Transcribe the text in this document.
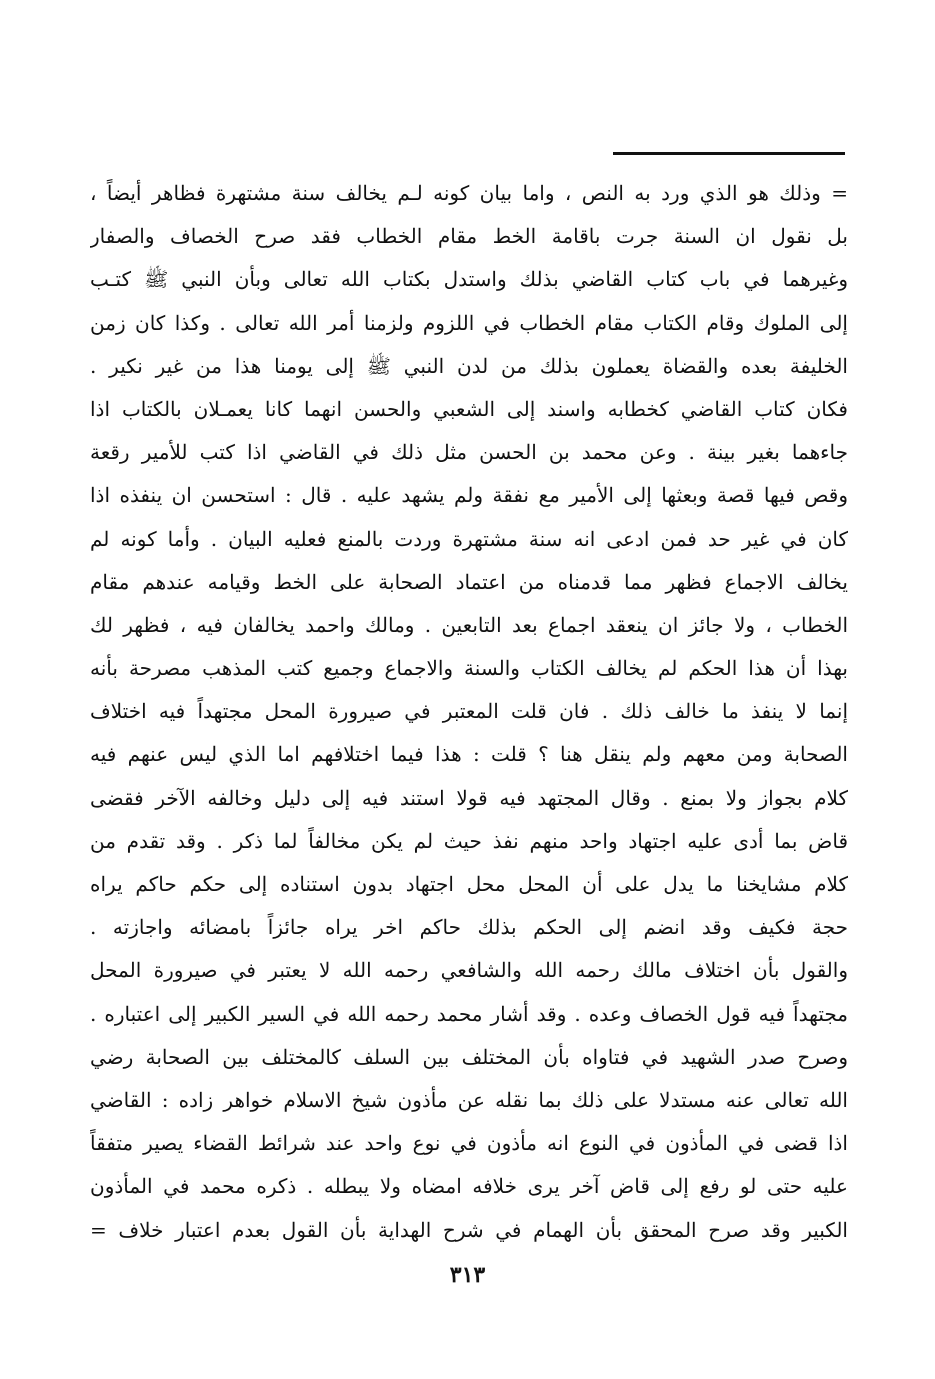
= وذلك هو الذي ورد به النص ، واما بيان كونه لـم يخالف سنة مشتهرة فظاهر أيضاً ،
بل نقول ان السنة جرت باقامة الخط مقام الخطاب فقد صرح الخصاف والصفار
وغيرهما في باب كتاب القاضي بذلك واستدل بكتاب الله تعالى وبأن النبي ﷺ كتـب
إلى الملوك وقام الكتاب مقام الخطاب في اللزوم ولزمنا أمر الله تعالى . وكذا كان زمن
الخليفة بعده والقضاة يعملون بذلك من لدن النبي ﷺ إلى يومنا هذا من غير نكير .
فكان كتاب القاضي كخطابه واسند إلى الشعبي والحسن انهما كانا يعمـلان بالكتاب اذا
جاءهما بغير بينة . وعن محمد بن الحسن مثل ذلك في القاضي اذا كتب للأمير رقعة
وقص فيها قصة وبعثها إلى الأمير مع نفقة ولم يشهد عليه . قال : استحسن ان ينفذه اذا
كان في غير حد فمن ادعى انه سنة مشتهرة وردت بالمنع فعليه البيان . وأما كونه لم
يخالف الاجماع فظهر مما قدمناه من اعتماد الصحابة على الخط وقيامه عندهم مقام
الخطاب ، ولا جائز ان ينعقد اجماع بعد التابعين . ومالك واحمد يخالفان فيه ، فظهر لك
بهذا أن هذا الحكم لم يخالف الكتاب والسنة والاجماع وجميع كتب المذهب مصرحة بأنه
إنما لا ينفذ ما خالف ذلك . فان قلت المعتبر في صيرورة المحل مجتهداً فيه اختلاف
الصحابة ومن معهم ولم ينقل هنا ؟ قلت : هذا فيما اختلافهم اما الذي ليس عنهم فيه
كلام بجواز ولا بمنع . وقال المجتهد فيه قولا استند فيه إلى دليل وخالفه الآخر فقضى
قاض بما أدى عليه اجتهاد واحد منهم نفذ حيث لم يكن مخالفاً لما ذكر . وقد تقدم من
كلام مشايخنا ما يدل على أن المحل محل اجتهاد بدون استناده إلى حكم حاكم يراه
حجة فكيف وقد انضم إلى الحكم بذلك حاكم اخر يراه جائزاً بامضائه واجازته .
والقول بأن اختلاف مالك رحمه الله والشافعي رحمه الله لا يعتبر في صيرورة المحل
مجتهداً فيه قول الخصاف وعده . وقد أشار محمد رحمه الله في السير الكبير إلى اعتباره .
وصرح صدر الشهيد في فتاواه بأن المختلف بين السلف كالمختلف بين الصحابة رضي
الله تعالى عنه مستدلا على ذلك بما نقله عن مأذون شيخ الاسلام خواهر زاده : القاضي
اذا قضى في المأذون في النوع انه مأذون في نوع واحد عند شرائط القضاء يصير متفقاً
عليه حتى لو رفع إلى قاض آخر يرى خلافه امضاه ولا يبطله . ذكره محمد في المأذون
الكبير وقد صرح المحقق بأن الهمام في شرح الهداية بأن القول بعدم اعتبار خلاف =
٣١٣
